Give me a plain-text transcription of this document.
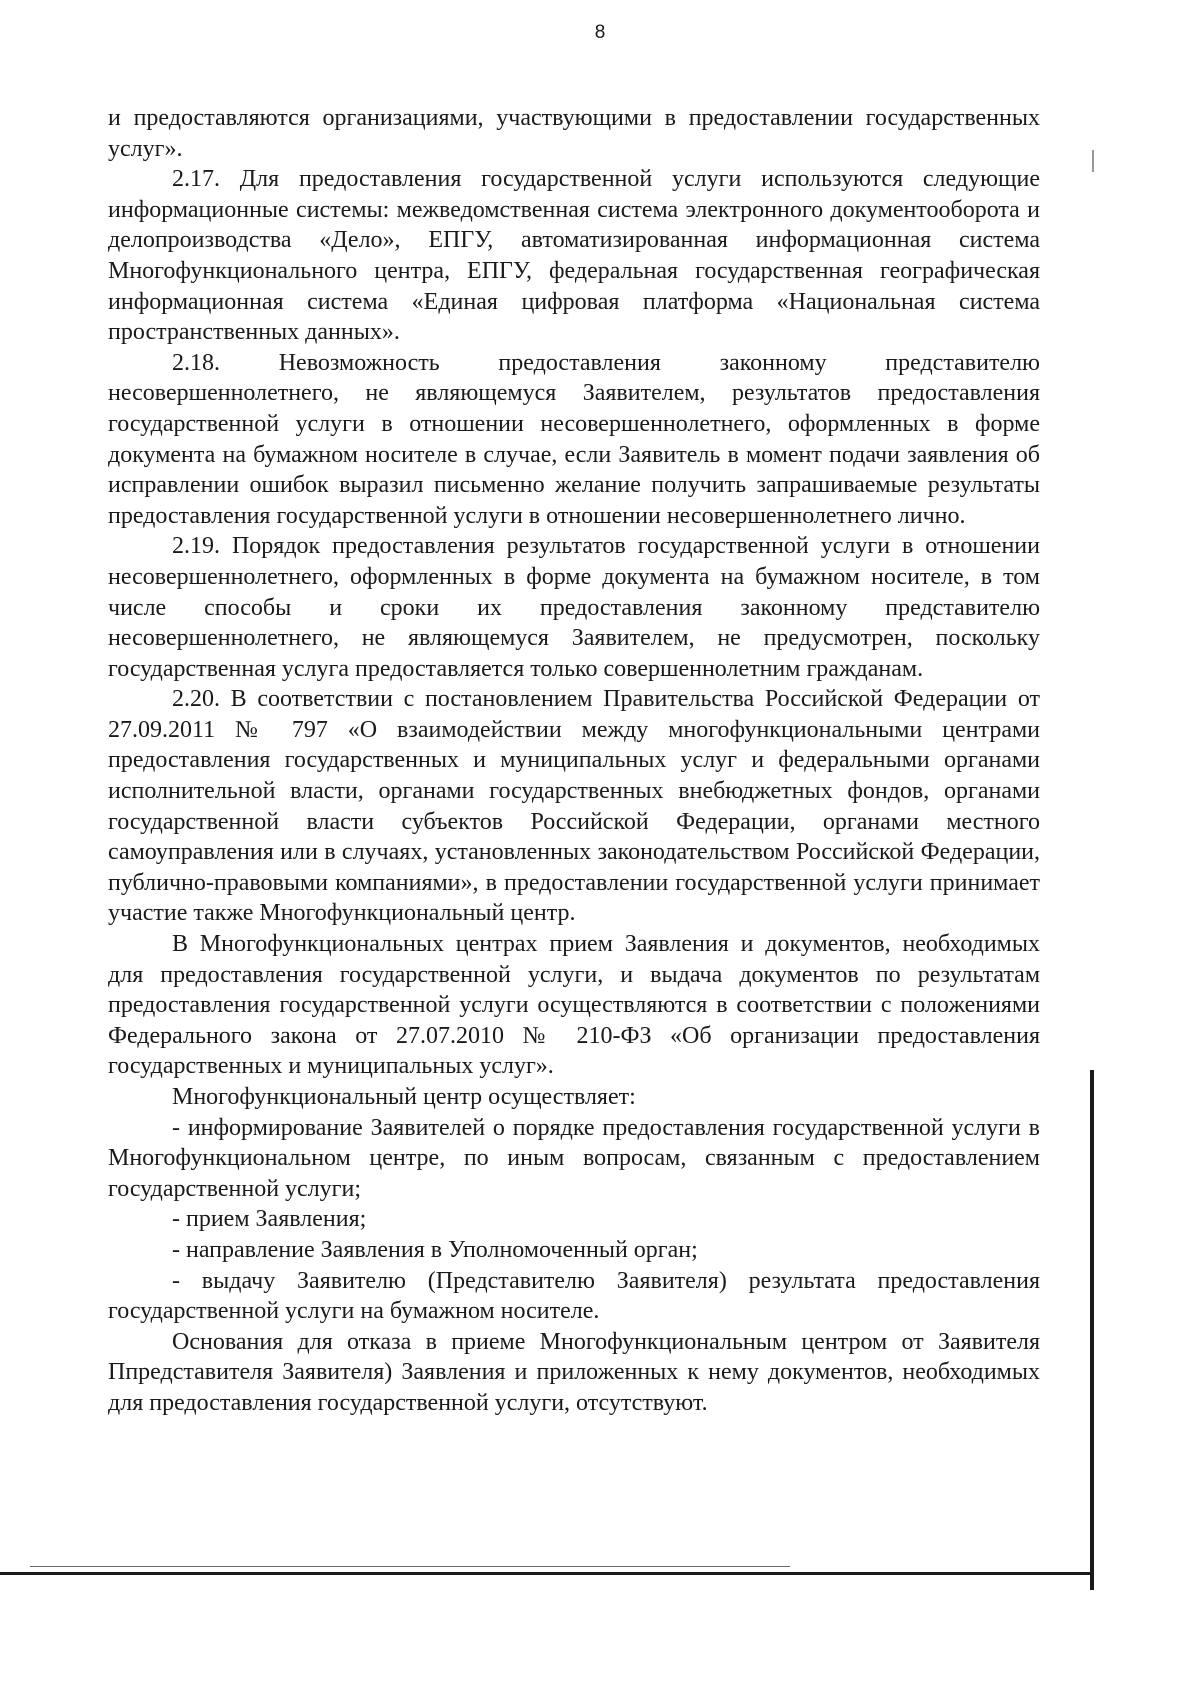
8

и предоставляются организациями, участвующими в предоставлении государственных услуг».

2.17. Для предоставления государственной услуги используются следующие информационные системы: межведомственная система электронного документооборота и делопроизводства «Дело», ЕПГУ, автоматизированная информационная система Многофункционального центра, ЕПГУ, федеральная государственная географическая информационная система «Единая цифровая платформа «Национальная система пространственных данных».

2.18. Невозможность предоставления законному представителю несовершеннолетнего, не являющемуся Заявителем, результатов предоставления государственной услуги в отношении несовершеннолетнего, оформленных в форме документа на бумажном носителе в случае, если Заявитель в момент подачи заявления об исправлении ошибок выразил письменно желание получить запрашиваемые результаты предоставления государственной услуги в отношении несовершеннолетнего лично.

2.19. Порядок предоставления результатов государственной услуги в отношении несовершеннолетнего, оформленных в форме документа на бумажном носителе, в том числе способы и сроки их предоставления законному представителю несовершеннолетнего, не являющемуся Заявителем, не предусмотрен, поскольку государственная услуга предоставляется только совершеннолетним гражданам.

2.20. В соответствии с постановлением Правительства Российской Федерации от 27.09.2011 № 797 «О взаимодействии между многофункциональными центрами предоставления государственных и муниципальных услуг и федеральными органами исполнительной власти, органами государственных внебюджетных фондов, органами государственной власти субъектов Российской Федерации, органами местного самоуправления или в случаях, установленных законодательством Российской Федерации, публично-правовыми компаниями», в предоставлении государственной услуги принимает участие также Многофункциональный центр.

В Многофункциональных центрах прием Заявления и документов, необходимых для предоставления государственной услуги, и выдача документов по результатам предоставления государственной услуги осуществляются в соответствии с положениями Федерального закона от 27.07.2010 № 210-ФЗ «Об организации предоставления государственных и муниципальных услуг».

Многофункциональный центр осуществляет:

- информирование Заявителей о порядке предоставления государственной услуги в Многофункциональном центре, по иным вопросам, связанным с предоставлением государственной услуги;

- прием Заявления;

- направление Заявления в Уполномоченный орган;

- выдачу Заявителю (Представителю Заявителя) результата предоставления государственной услуги на бумажном носителе.

Основания для отказа в приеме Многофункциональным центром от Заявителя Ппредставителя Заявителя) Заявления и приложенных к нему документов, необходимых для предоставления государственной услуги, отсутствуют.
